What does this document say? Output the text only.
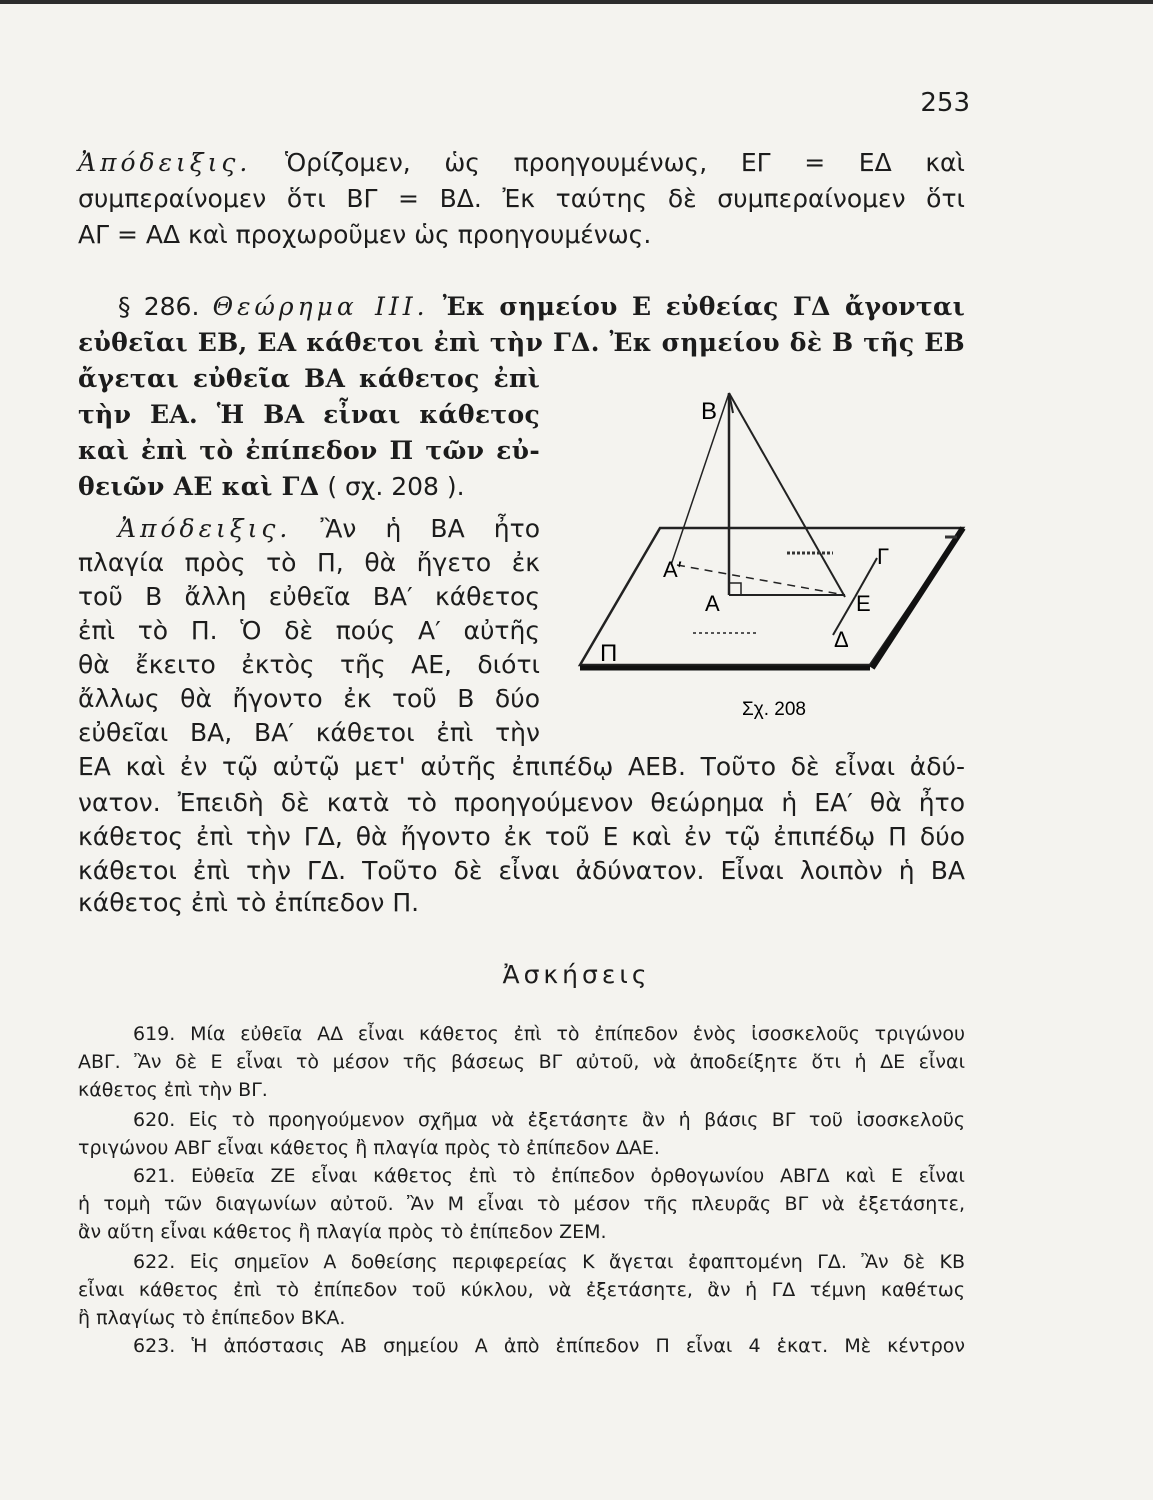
253
Ἀπόδειξις. Ὁρίζομεν, ὡς προηγουμένως, ΕΓ = ΕΔ καὶ
συμπεραίνομεν ὅτι ΒΓ = ΒΔ. Ἐκ ταύτης δὲ συμπεραίνομεν ὅτι
ΑΓ = ΑΔ καὶ προχωροῦμεν ὡς προηγουμένως.
§ 286. Θεώρημα ΙΙΙ. Ἐκ σημείου Ε εὐθείας ΓΔ ἄγονται
εὐθεῖαι ΕΒ, ΕΑ κάθετοι ἐπὶ τὴν ΓΔ. Ἐκ σημείου δὲ Β τῆς ΕΒ
ἄγεται εὐθεῖα ΒΑ κάθετος ἐπὶ
τὴν ΕΑ. Ἡ ΒΑ εἶναι κάθετος
καὶ ἐπὶ τὸ ἐπίπεδον Π τῶν εὐ-
θειῶν ΑΕ καὶ ΓΔ ( σχ. 208 ).
Ἀπόδειξις. Ἂν ἡ ΒΑ ἦτο
πλαγία πρὸς τὸ Π, θὰ ἤγετο ἐκ
τοῦ Β ἄλλη εὐθεῖα ΒΑ′ κάθετος
ἐπὶ τὸ Π. Ὁ δὲ πούς Α′ αὐτῆς
θὰ ἔκειτο ἐκτὸς τῆς ΑΕ, διότι
ἄλλως θὰ ἤγοντο ἐκ τοῦ Β δύο
εὐθεῖαι ΒΑ, ΒΑ′ κάθετοι ἐπὶ τὴν
ΕΑ καὶ ἐν τῷ αὐτῷ μετ' αὐτῆς ἐπιπέδῳ ΑΕΒ. Τοῦτο δὲ εἶναι ἀδύ-
νατον. Ἐπειδὴ δὲ κατὰ τὸ προηγούμενον θεώρημα ἡ ΕΑ′ θὰ ἦτο
κάθετος ἐπὶ τὴν ΓΔ, θὰ ἤγοντο ἐκ τοῦ Ε καὶ ἐν τῷ ἐπιπέδῳ Π δύο
κάθετοι ἐπὶ τὴν ΓΔ. Τοῦτο δὲ εἶναι ἀδύνατον. Εἶναι λοιπὸν ἡ ΒΑ
κάθετος ἐπὶ τὸ ἐπίπεδον Π.
Β
Α′
Α
Γ
Ε
Δ
Π
Σχ. 208
Ἀσκήσεις
619. Μία εὐθεῖα ΑΔ εἶναι κάθετος ἐπὶ τὸ ἐπίπεδον ἑνὸς ἰσοσκελοῦς τριγώνου
ΑΒΓ. Ἂν δὲ Ε εἶναι τὸ μέσον τῆς βάσεως ΒΓ αὐτοῦ, νὰ ἀποδείξητε ὅτι ἡ ΔΕ εἶναι
κάθετος ἐπὶ τὴν ΒΓ.
620. Εἰς τὸ προηγούμενον σχῆμα νὰ ἐξετάσητε ἂν ἡ βάσις ΒΓ τοῦ ἰσοσκελοῦς
τριγώνου ΑΒΓ εἶναι κάθετος ἢ πλαγία πρὸς τὸ ἐπίπεδον ΔΑΕ.
621. Εὐθεῖα ΖΕ εἶναι κάθετος ἐπὶ τὸ ἐπίπεδον ὀρθογωνίου ΑΒΓΔ καὶ Ε εἶναι
ἡ τομὴ τῶν διαγωνίων αὐτοῦ. Ἂν Μ εἶναι τὸ μέσον τῆς πλευρᾶς ΒΓ νὰ ἐξετάσητε,
ἂν αὕτη εἶναι κάθετος ἢ πλαγία πρὸς τὸ ἐπίπεδον ΖΕΜ.
622. Εἰς σημεῖον Α δοθείσης περιφερείας Κ ἄγεται ἐφαπτομένη ΓΔ. Ἂν δὲ ΚΒ
εἶναι κάθετος ἐπὶ τὸ ἐπίπεδον τοῦ κύκλου, νὰ ἐξετάσητε, ἂν ἡ ΓΔ τέμνη καθέτως
ἢ πλαγίως τὸ ἐπίπεδον ΒΚΑ.
623. Ἡ ἀπόστασις ΑΒ σημείου Α ἀπὸ ἐπίπεδον Π εἶναι 4 ἑκατ. Μὲ κέντρον
